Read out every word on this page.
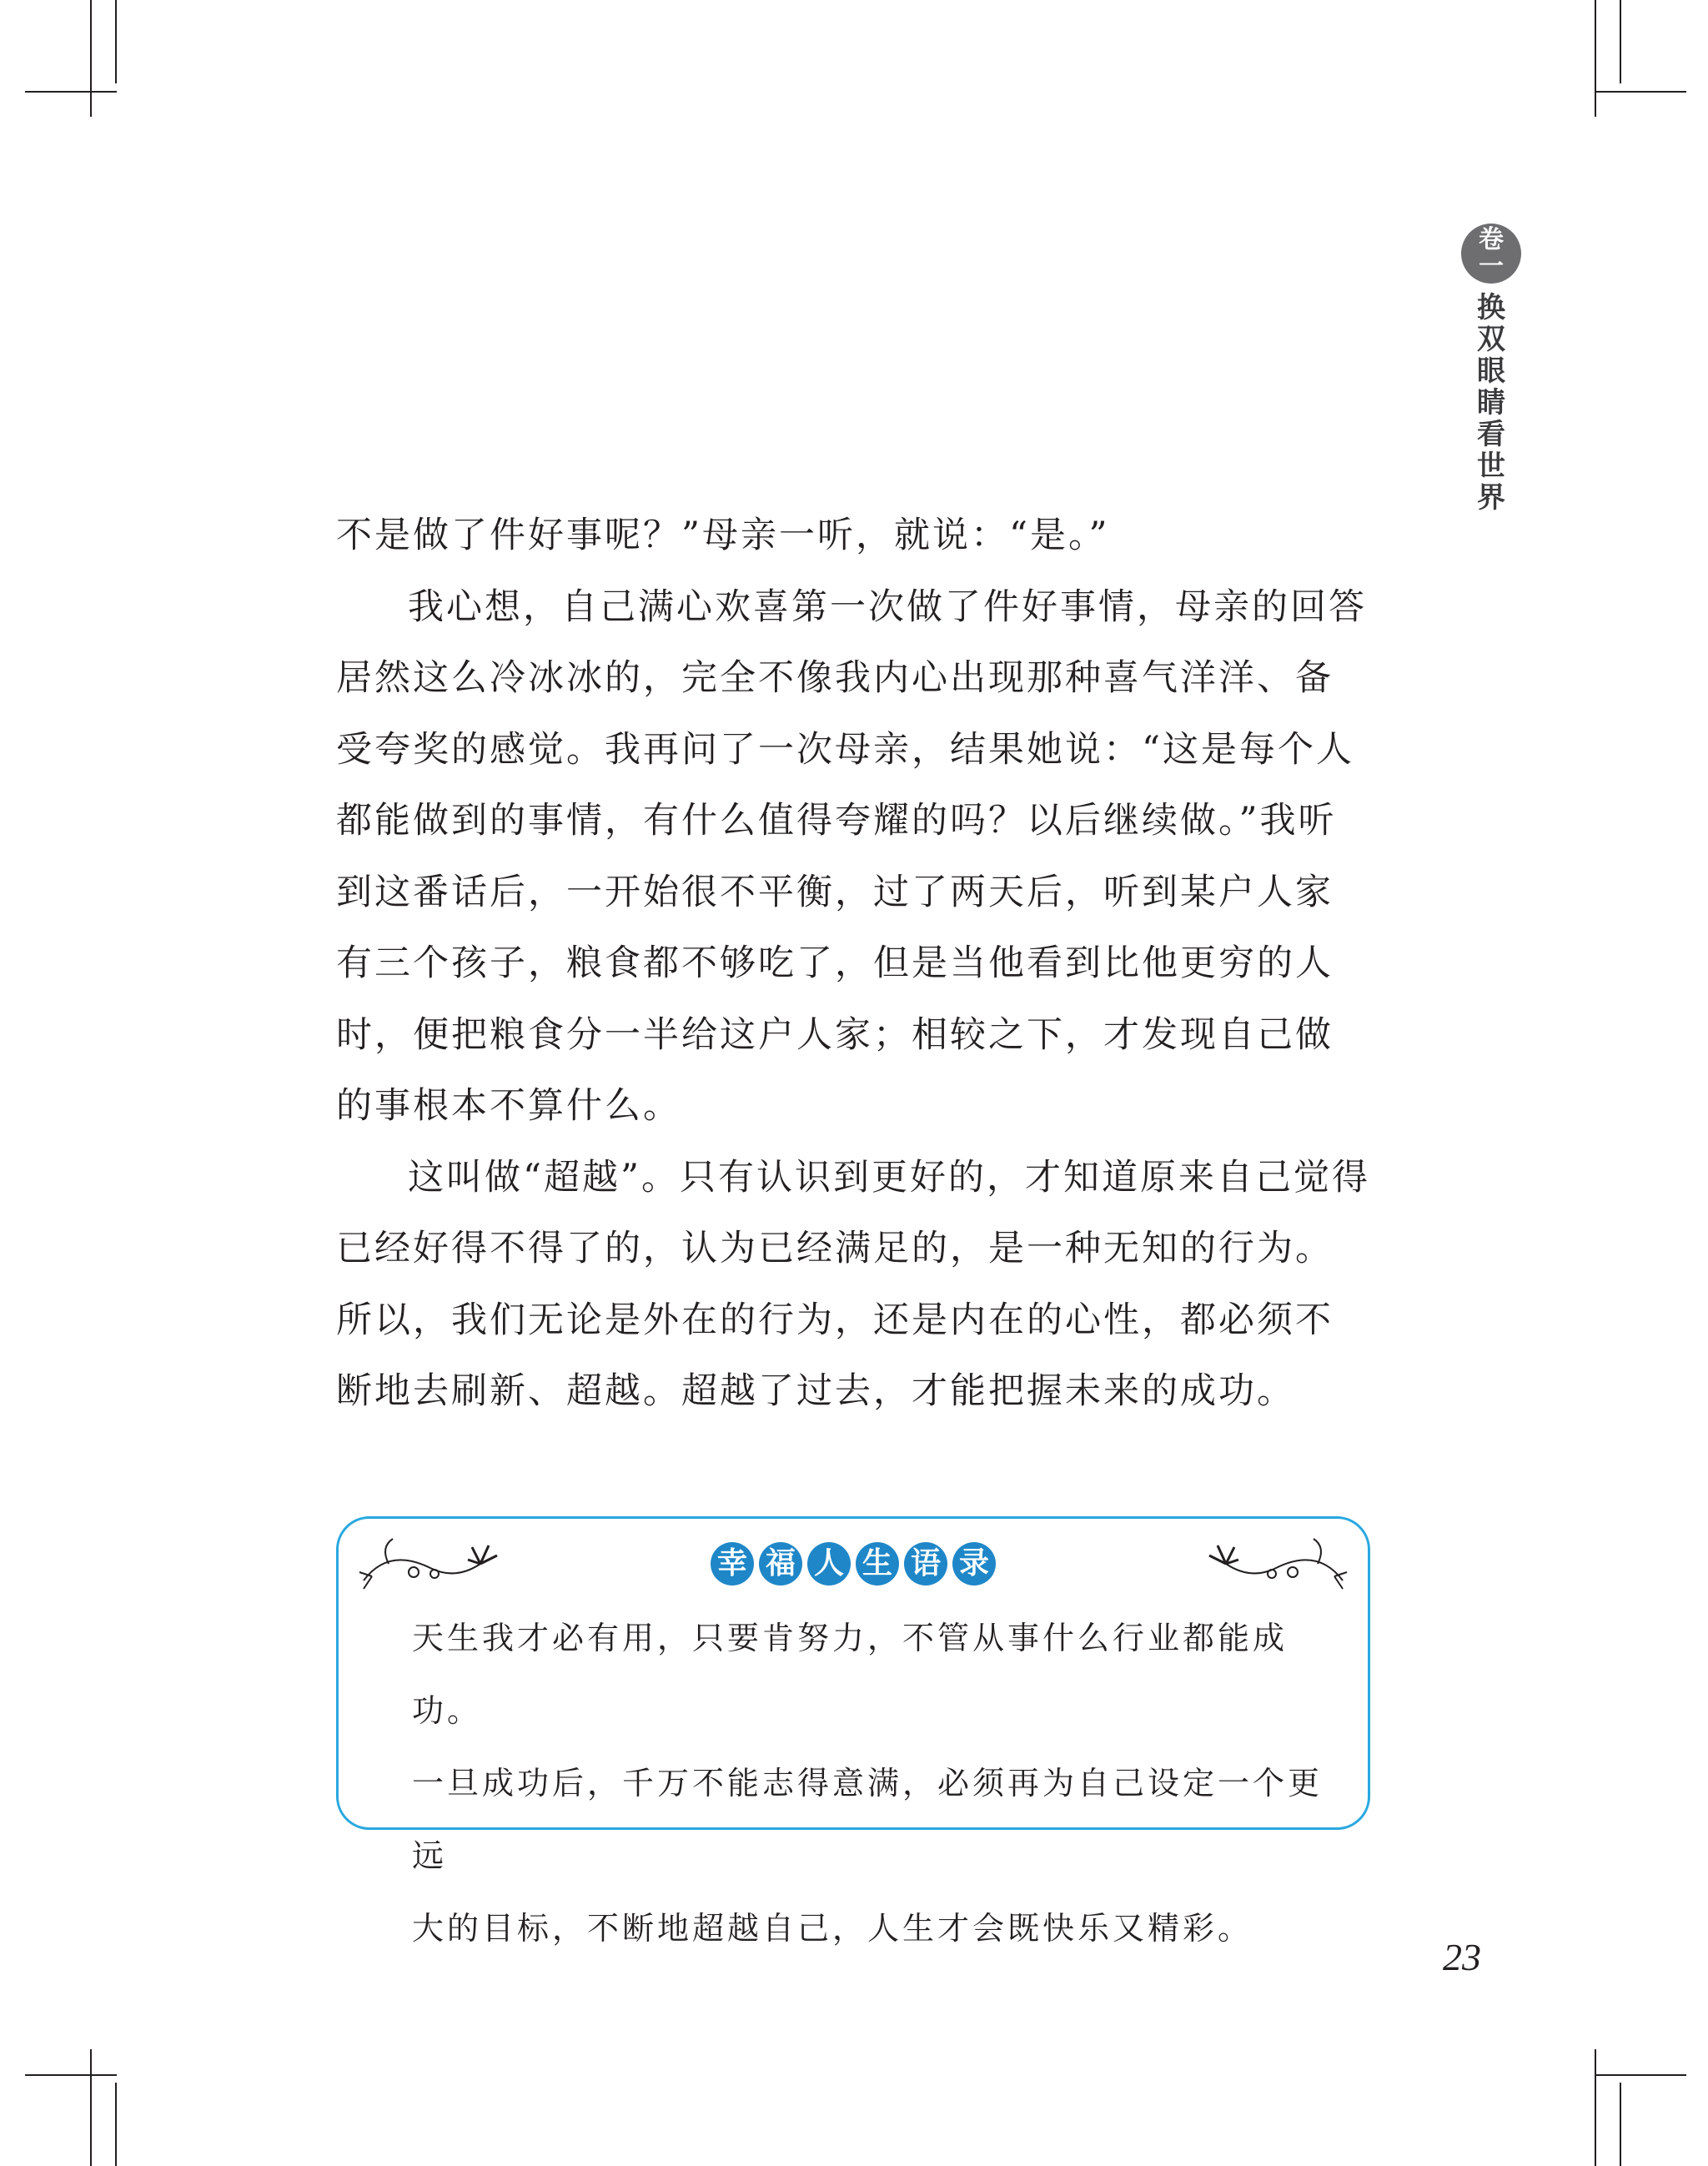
卷
一
换双眼睛看世界

不是做了件好事呢？”母亲一听，就说：“是。”

我心想，自己满心欢喜第一次做了件好事情，母亲的回答居然这么冷冰冰的，完全不像我内心出现那种喜气洋洋、备受夸奖的感觉。我再问了一次母亲，结果她说：“这是每个人都能做到的事情，有什么值得夸耀的吗？以后继续做。”我听到这番话后，一开始很不平衡，过了两天后，听到某户人家有三个孩子，粮食都不够吃了，但是当他看到比他更穷的人时，便把粮食分一半给这户人家；相较之下，才发现自己做的事根本不算什么。

这叫做“超越”。只有认识到更好的，才知道原来自己觉得已经好得不得了的，认为已经满足的，是一种无知的行为。所以，我们无论是外在的行为，还是内在的心性，都必须不断地去刷新、超越。超越了过去，才能把握未来的成功。

幸 福 人 生 语 录

天生我才必有用，只要肯努力，不管从事什么行业都能成功。

一旦成功后，千万不能志得意满，必须再为自己设定一个更远

大的目标，不断地超越自己，人生才会既快乐又精彩。

23
